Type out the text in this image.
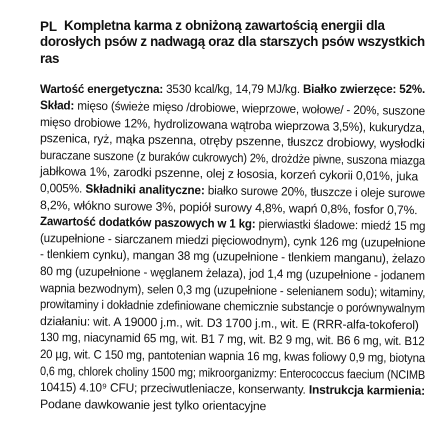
PL Kompletna karma z obniżoną zawartością energii dla
dorosłych psów z nadwagą oraz dla starszych psów wszystkich
ras
Wartość energetyczna: 3530 kcal/kg, 14,79 MJ/kg. Białko zwierzęce: 52%.
Skład: mięso (świeże mięso /drobiowe, wieprzowe, wołowe/ - 20%, suszone
mięso drobiowe 12%, hydrolizowana wątroba wieprzowa 3,5%), kukurydza,
pszenica, ryż, mąka pszenna, otręby pszenne, tłuszcz drobiowy, wysłodki
buraczane suszone (z buraków cukrowych) 2%, drożdże piwne, suszona miazga
jabłkowa 1%, zarodki pszenne, olej z łososia, korzeń cykorii 0,01%, juka
0,005%. Składniki analityczne: białko surowe 20%, tłuszcze i oleje surowe
8,2%, włókno surowe 3%, popiół surowy 4,8%, wapń 0,8%, fosfor 0,7%.
Zawartość dodatków paszowych w 1 kg: pierwiastki śladowe: miedź 15 mg
(uzupełnione - siarczanem miedzi pięciowodnym), cynk 126 mg (uzupełnione
- tlenkiem cynku), mangan 38 mg (uzupełnione - tlenkiem manganu), żelazo
80 mg (uzupełnione - węglanem żelaza), jod 1,4 mg (uzupełnione - jodanem
wapnia bezwodnym), selen 0,3 mg (uzupełnione - selenianem sodu); witaminy,
prowitaminy i dokładnie zdefiniowane chemicznie substancje o porównywalnym
działaniu: wit. A 19000 j.m., wit. D3 1700 j.m., wit. E (RRR-alfa-tokoferol)
130 mg, niacynamid 65 mg, wit. B1 7 mg, wit. B2 9 mg, wit. B6 6 mg, wit. B12
20 µg, wit. C 150 mg, pantotenian wapnia 16 mg, kwas foliowy 0,9 mg, biotyna
0,6 mg, chlorek choliny 1500 mg; mikroorganizmy: Enterococcus faecium (NCIMB
10415) 4.10⁹ CFU; przeciwutleniacze, konserwanty. Instrukcja karmienia:
Podane dawkowanie jest tylko orientacyjne
